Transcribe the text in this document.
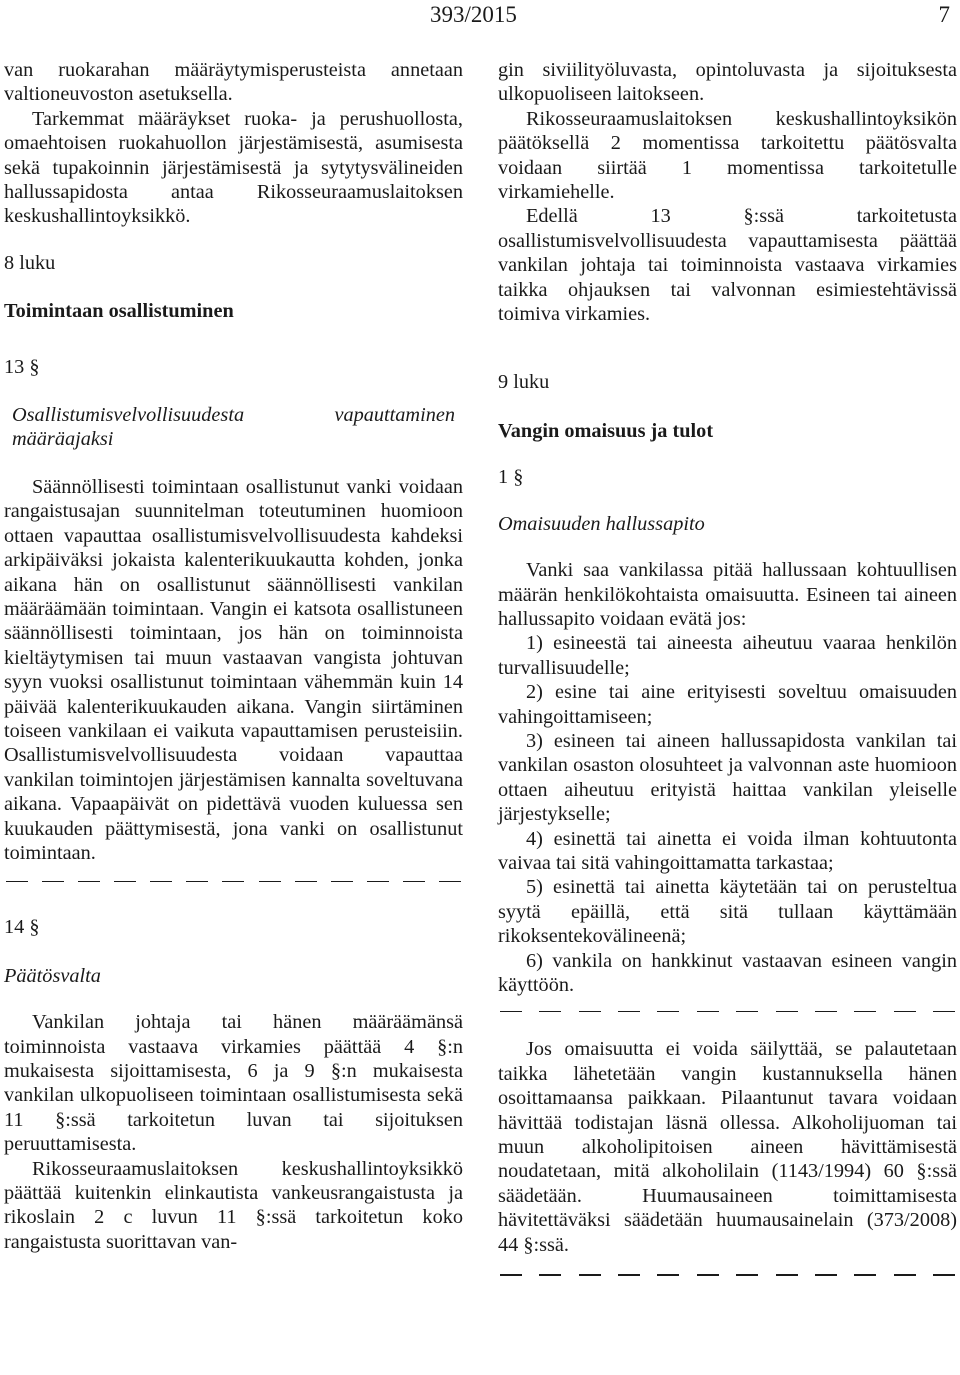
393/2015	7

van ruokarahan määräytymisperusteista annetaan valtioneuvoston asetuksella.

Tarkemmat määräykset ruoka- ja perushuollosta, omaehtoisen ruokahuollon järjestämisestä, asumisesta sekä tupakoinnin järjestämisestä ja sytytysvälineiden hallussapidosta antaa Rikosseuraamuslaitoksen keskushallintoyksikkö.

8 luku

Toimintaan osallistuminen

13 §

Osallistumisvelvollisuudesta vapauttaminen määräajaksi

Säännöllisesti toimintaan osallistunut vanki voidaan rangaistusajan suunnitelman toteutuminen huomioon ottaen vapauttaa osallistumisvelvollisuudesta kahdeksi arkipäiväksi jokaista kalenterikuukautta kohden, jonka aikana hän on osallistunut säännöllisesti vankilan määräämään toimintaan. Vangin ei katsota osallistuneen säännöllisesti toimintaan, jos hän on toiminnoista kieltäytymisen tai muun vastaavan vangista johtuvan syyn vuoksi osallistunut toimintaan vähemmän kuin 14 päivää kalenterikuukauden aikana. Vangin siirtäminen toiseen vankilaan ei vaikuta vapauttamisen perusteisiin. Osallistumisvelvollisuudesta voidaan vapauttaa vankilan toimintojen järjestämisen kannalta soveltuvana aikana. Vapaapäivät on pidettävä vuoden kuluessa sen kuukauden päättymisestä, jona vanki on osallistunut toimintaan.

14 §

Päätösvalta

Vankilan johtaja tai hänen määräämänsä toiminnoista vastaava virkamies päättää 4 §:n mukaisesta sijoittamisesta, 6 ja 9 §:n mukaisesta vankilan ulkopuoliseen toimintaan osallistumisesta sekä 11 §:ssä tarkoitetun luvan tai sijoituksen peruuttamisesta.

Rikosseuraamuslaitoksen keskushallintoyksikkö päättää kuitenkin elinkautista vankeusrangaistusta ja rikoslain 2 c luvun 11 §:ssä tarkoitetun koko rangaistusta suorittavan van-

gin siviilityöluvasta, opintoluvasta ja sijoituksesta ulkopuoliseen laitokseen.

Rikosseuraamuslaitoksen keskushallintoyksikön päätöksellä 2 momentissa tarkoitettu päätösvalta voidaan siirtää 1 momentissa tarkoitetulle virkamiehelle.

Edellä 13 §:ssä tarkoitetusta osallistumisvelvollisuudesta vapauttamisesta päättää vankilan johtaja tai toiminnoista vastaava virkamies taikka ohjauksen tai valvonnan esimiestehtävissä toimiva virkamies.

9 luku

Vangin omaisuus ja tulot

1 §

Omaisuuden hallussapito

Vanki saa vankilassa pitää hallussaan kohtuullisen määrän henkilökohtaista omaisuutta. Esineen tai aineen hallussapito voidaan evätä jos:

1) esineestä tai aineesta aiheutuu vaaraa henkilön turvallisuudelle;

2) esine tai aine erityisesti soveltuu omaisuuden vahingoittamiseen;

3) esineen tai aineen hallussapidosta vankilan tai vankilan osaston olosuhteet ja valvonnan aste huomioon ottaen aiheutuu erityistä haittaa vankilan yleiselle järjestykselle;

4) esinettä tai ainetta ei voida ilman kohtuutonta vaivaa tai sitä vahingoittamatta tarkastaa;

5) esinettä tai ainetta käytetään tai on perusteltua syytä epäillä, että sitä tullaan käyttämään rikoksentekovälineenä;

6) vankila on hankkinut vastaavan esineen vangin käyttöön.

Jos omaisuutta ei voida säilyttää, se palautetaan taikka lähetetään vangin kustannuksella hänen osoittamaansa paikkaan. Pilaantunut tavara voidaan hävittää todistajan läsnä ollessa. Alkoholijuoman tai muun alkoholipitoisen aineen hävittämisestä noudatetaan, mitä alkoholilain (1143/1994) 60 §:ssä säädetään. Huumausaineen toimittamisesta hävitettäväksi säädetään huumausainelain (373/2008) 44 §:ssä.
